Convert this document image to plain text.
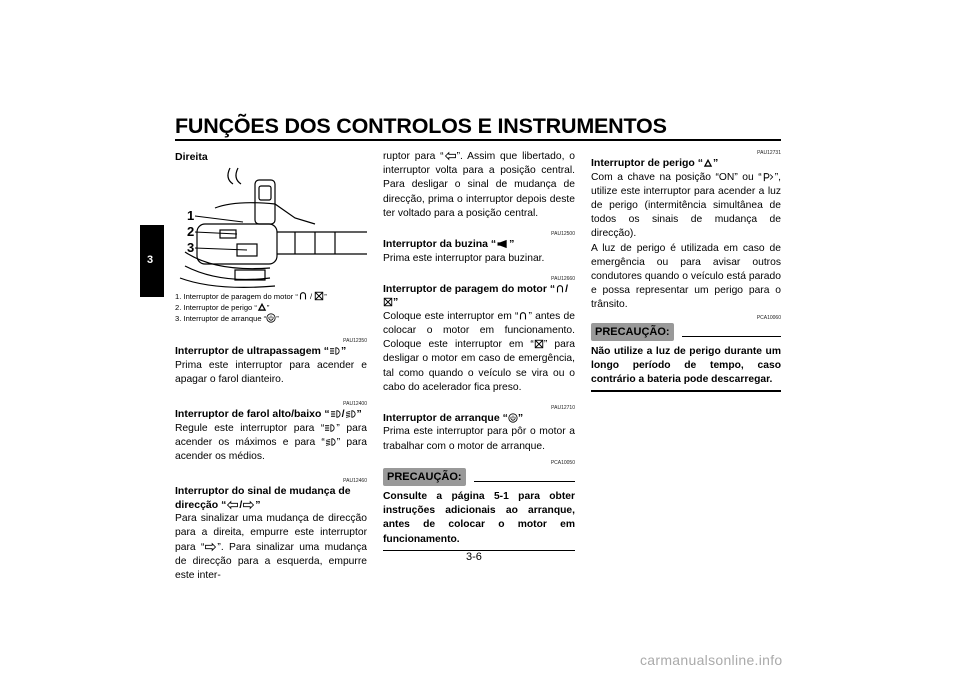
FUNÇÕES DOS CONTROLOS E INSTRUMENTOS
3
Direita
1
2
3
1. Interruptor de paragem do motor “ / ”
2. Interruptor de perigo “ ”
3. Interruptor de arranque “ ”
PAU12350
Interruptor de ultrapassagem “ ”

Prima este interruptor para acender e apagar o farol dianteiro.

PAU12400
Interruptor de farol alto/baixo “ / ”

Regule este interruptor para “ ” para acender os máximos e para “ ” para acender os médios.

PAU12460
Interruptor do sinal de mudança de direcção “ / ”

Para sinalizar uma mudança de direcção para a direita, empurre este interruptor para “ ”. Para sinalizar uma mudança de direcção para a esquerda, empurre este inter-

ruptor para “ ”. Assim que libertado, o interruptor volta para a posição central. Para desligar o sinal de mudança de direcção, prima o interruptor depois deste ter voltado para a posição central.

PAU12500
Interruptor da buzina “ ”

Prima este interruptor para buzinar.

PAU12660
Interruptor de paragem do motor “ /”

Coloque este interruptor em “ ” antes de colocar o motor em funcionamento. Coloque este interruptor em “ ” para desligar o motor em caso de emergência, tal como quando o veículo se vira ou o cabo do acelerador fica preso.

PAU12710
Interruptor de arranque “ ”

Prima este interruptor para pôr o motor a trabalhar com o motor de arranque.

PCA10050
PRECAUÇÃO:
Consulte a página 5-1 para obter instruções adicionais ao arranque, antes de colocar o motor em funcionamento.
PAU12731
Interruptor de perigo “ ”

Com a chave na posição “ON” ou “ ”, utilize este interruptor para acender a luz de perigo (intermitência simultânea de todos os sinais de mudança de direcção).

A luz de perigo é utilizada em caso de emergência ou para avisar outros condutores quando o veículo está parado e possa representar um perigo para o trânsito.

PCA10060
PRECAUÇÃO:
Não utilize a luz de perigo durante um longo período de tempo, caso contrário a bateria pode descarregar.
3-6
carmanualsonline.info
